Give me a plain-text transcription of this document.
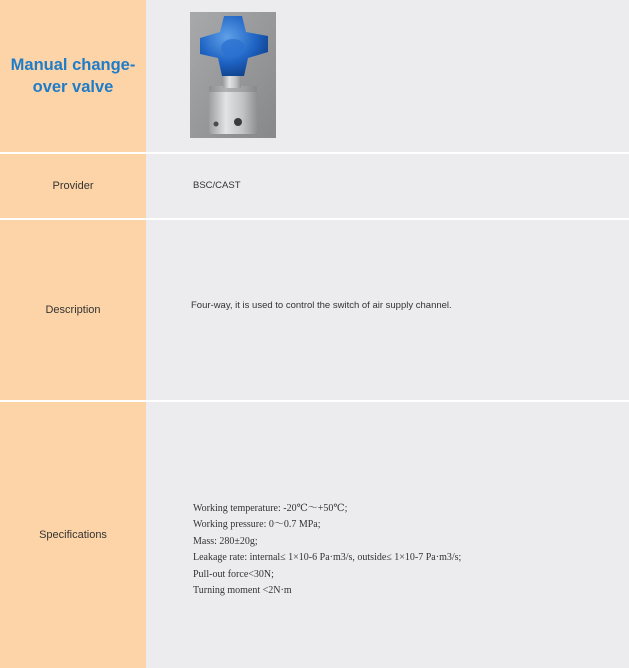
Manual change-over valve
Provider	BSC/CAST
Description	Four-way, it is used to control the switch of air supply channel.
Specifications
Working temperature: -20℃～+50℃;
Working pressure: 0～0.7 MPa;
Mass: 280±20g;
Leakage rate: internal≤ 1×10-6 Pa·m3/s, outside≤ 1×10-7 Pa·m3/s;
Pull-out force<30N;
Turning moment <2N·m
